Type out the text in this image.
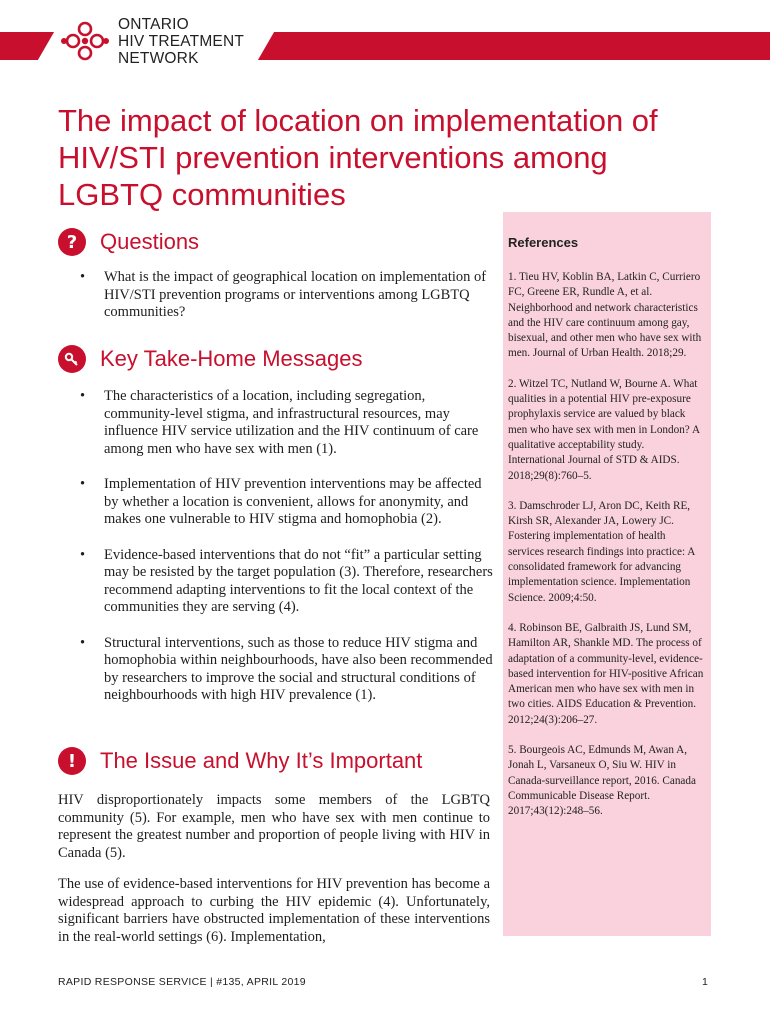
ONTARIO
HIV TREATMENT
NETWORK
The impact of location on implementation of HIV/STI prevention interventions among LGBTQ communities
?	Questions
• What is the impact of geographical location on implementation of HIV/STI prevention programs or interventions among LGBTQ communities?
Key Take-Home Messages
• The characteristics of a location, including segregation, community-level stigma, and infrastructural resources, may influence HIV service utilization and the HIV continuum of care among men who have sex with men (1).
• Implementation of HIV prevention interventions may be affected by whether a location is convenient, allows for anonymity, and makes one vulnerable to HIV stigma and homophobia (2).
• Evidence-based interventions that do not “fit” a particular setting may be resisted by the target population (3). Therefore, researchers recommend adapting interventions to fit the local context of the communities they are serving (4).
• Structural interventions, such as those to reduce HIV stigma and homophobia within neighbourhoods, have also been recommended by researchers to improve the social and structural conditions of neighbourhoods with high HIV prevalence (1).
!	The Issue and Why It’s Important

HIV disproportionately impacts some members of the LGBTQ community (5). For example, men who have sex with men continue to represent the greatest number and proportion of people living with HIV in Canada (5).

The use of evidence-based interventions for HIV prevention has become a widespread approach to curbing the HIV epidemic (4). Unfortunately, significant barriers have obstructed implementation of these interventions in the real-world settings (6). Implementation,

References

1. Tieu HV, Koblin BA, Latkin C, Curriero FC, Greene ER, Rundle A, et al. Neighborhood and network characteristics and the HIV care continuum among gay, bisexual, and other men who have sex with men. Journal of Urban Health. 2018;29.

2. Witzel TC, Nutland W, Bourne A. What qualities in a potential HIV pre-exposure prophylaxis service are valued by black men who have sex with men in London? A qualitative acceptability study. International Journal of STD & AIDS. 2018;29(8):760–5.

3. Damschroder LJ, Aron DC, Keith RE, Kirsh SR, Alexander JA, Lowery JC. Fostering implementation of health services research findings into practice: A consolidated framework for advancing implementation science. Implementation Science. 2009;4:50.

4. Robinson BE, Galbraith JS, Lund SM, Hamilton AR, Shankle MD. The process of adaptation of a community-level, evidence-based intervention for HIV-positive African American men who have sex with men in two cities. AIDS Education & Prevention. 2012;24(3):206–27.

5. Bourgeois AC, Edmunds M, Awan A, Jonah L, Varsaneux O, Siu W. HIV in Canada-surveillance report, 2016. Canada Communicable Disease Report. 2017;43(12):248–56.

RAPID RESPONSE SERVICE | #135, APRIL 2019	1
